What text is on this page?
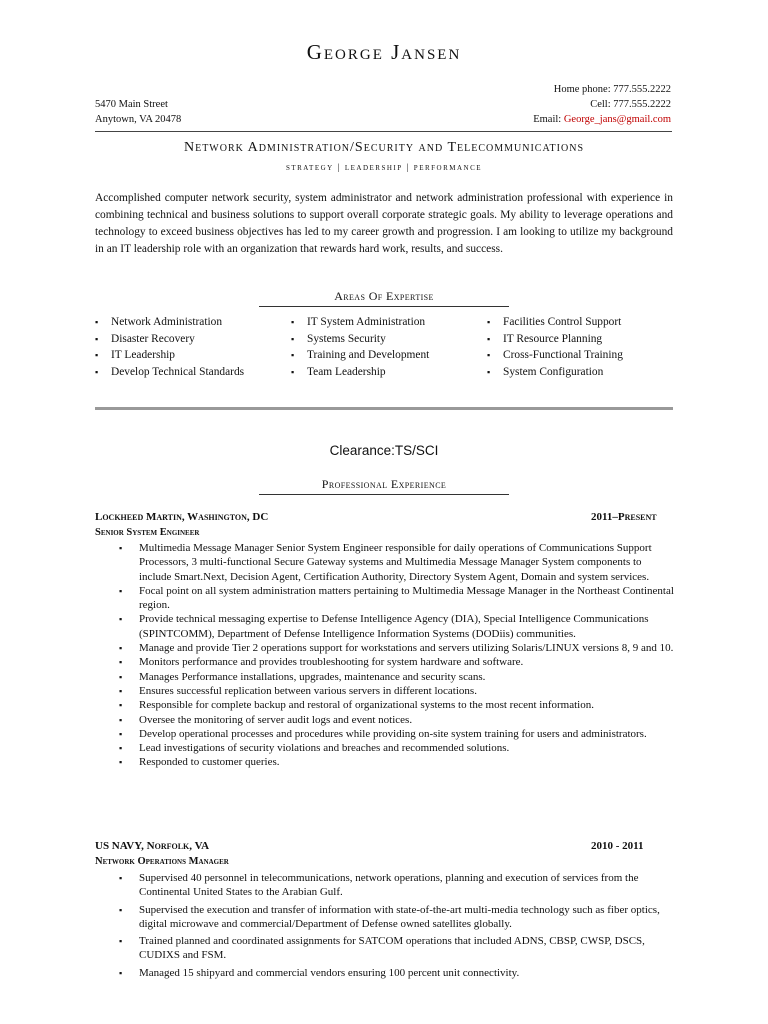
George Jansen
5470 Main Street
Anytown, VA 20478
Home phone: 777.555.2222
Cell: 777.555.2222
Email: George_jans@gmail.com
Network Administration/Security and Telecommunications
strategy | leadership | performance
Accomplished computer network security, system administrator and network administration professional with experience in combining technical and business solutions to support overall corporate strategic goals. My ability to leverage operations and technology to exceed business objectives has led to my career growth and progression. I am looking to utilize my background in an IT leadership role with an organization that rewards hard work, results, and success.
Areas Of Expertise
▪ Network Administration
▪ Disaster Recovery
▪ IT Leadership
▪ Develop Technical Standards
▪ IT System Administration
▪ Systems Security
▪ Training and Development
▪ Team Leadership
▪ Facilities Control Support
▪ IT Resource Planning
▪ Cross-Functional Training
▪ System Configuration
Clearance:TS/SCI
Professional Experience
Lockheed Martin, Washington, DC	2011–Present
Senior System Engineer
▪ Multimedia Message Manager Senior System Engineer responsible for daily operations of Communications Support Processors, 3 multi-functional Secure Gateway systems and Multimedia Message Manager System components to include Smart.Next, Decision Agent, Certification Authority, Directory System Agent, Domain and system services.
▪ Focal point on all system administration matters pertaining to Multimedia Message Manager in the Northeast Continental region.
▪ Provide technical messaging expertise to Defense Intelligence Agency (DIA), Special Intelligence Communications (SPINTCOMM), Department of Defense Intelligence Information Systems (DODiis) communities.
▪ Manage and provide Tier 2 operations support for workstations and servers utilizing Solaris/LINUX versions 8, 9 and 10.
▪ Monitors performance and provides troubleshooting for system hardware and software.
▪ Manages Performance installations, upgrades, maintenance and security scans.
▪ Ensures successful replication between various servers in different locations.
▪ Responsible for complete backup and restoral of organizational systems to the most recent information.
▪ Oversee the monitoring of server audit logs and event notices.
▪ Develop operational processes and procedures while providing on-site system training for users and administrators.
▪ Lead investigations of security violations and breaches and recommended solutions.
▪ Responded to customer queries.
US NAVY, Norfolk, VA	2010 - 2011
Network Operations Manager
▪ Supervised 40 personnel in telecommunications, network operations, planning and execution of services from the Continental United States to the Arabian Gulf.
▪ Supervised the execution and transfer of information with state-of-the-art multi-media technology such as fiber optics, digital microwave and commercial/Department of Defense owned satellites globally.
▪ Trained planned and coordinated assignments for SATCOM operations that included ADNS, CBSP, CWSP, DSCS, CUDIXS and FSM.
▪ Managed 15 shipyard and commercial vendors ensuring 100 percent unit connectivity.
